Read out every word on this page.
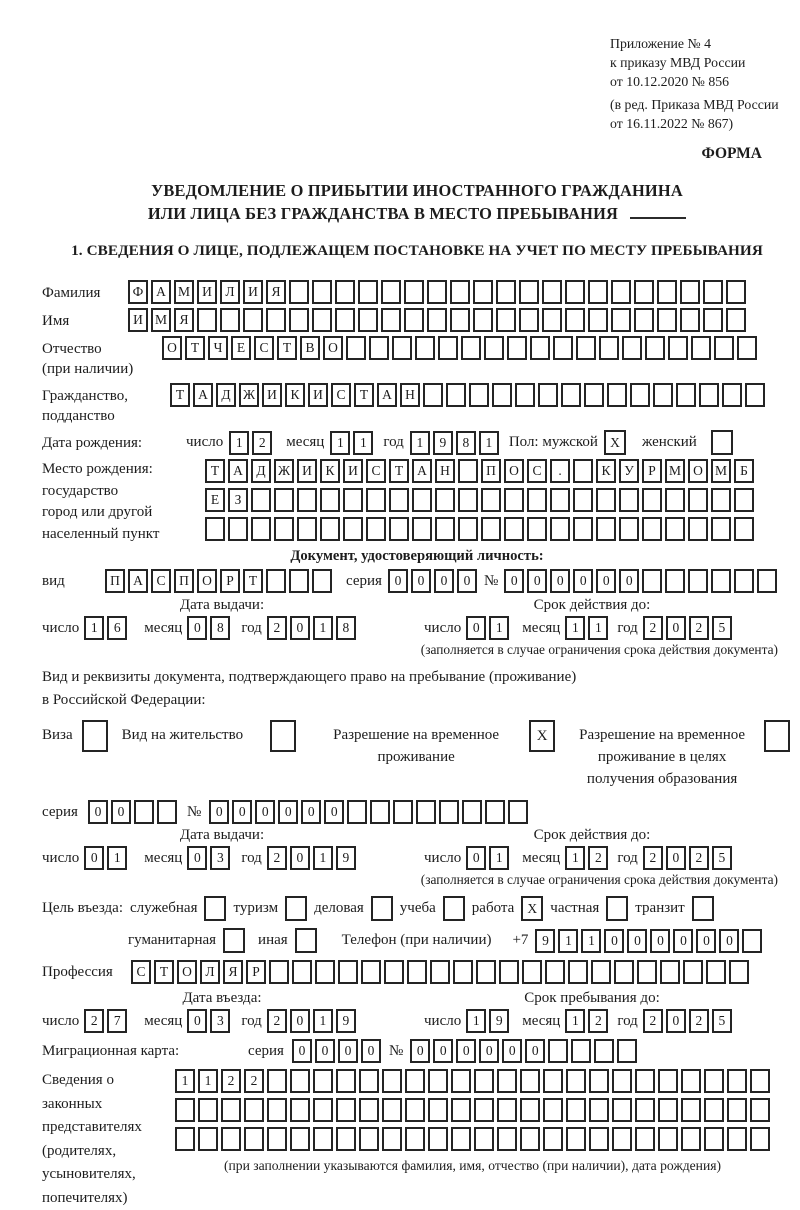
Приложение № 4
к приказу МВД России
от 10.12.2020 № 856
(в ред. Приказа МВД России
от 16.11.2022 № 867)
ФОРМА
УВЕДОМЛЕНИЕ О ПРИБЫТИИ ИНОСТРАННОГО ГРАЖДАНИНА
ИЛИ ЛИЦА БЕЗ ГРАЖДАНСТВА В МЕСТО ПРЕБЫВАНИЯ
1. СВЕДЕНИЯ О ЛИЦЕ, ПОДЛЕЖАЩЕМ ПОСТАНОВКЕ НА УЧЕТ ПО МЕСТУ ПРЕБЫВАНИЯ
Фамилия	Ф А М И	Л	И	Я
Имя	И М Я
Отчество
(при наличии)
О	Т	Ч	Е	С	Т	В	О
Гражданство,
подданство
Т	А	Д Ж И	К	И	С	Т	А Н
Дата рождения:	число 1	2	месяц 1	1	год 1	9	8	1	Пол: мужской X	женский
Место рождения:
государство
город или другой
населенный пункт
Т	А	Д Ж И	К	И	С	Т	А Н	П О	С	.	К	У	Р М О М Б
Е	З
Документ, удостоверяющий личность:
вид	П А	С	П О	Р	Т	серия 0	0	0	0 № 0	0	0	0	0	0
Дата выдачи:	Срок действия до:
число 1	6	месяц 0	8	год 2	0	1	8	число 0	1	месяц 1	1	год 2	0	2	5
(заполняется в случае ограничения срока действия документа)
Вид и реквизиты документа, подтверждающего право на пребывание (проживание)
в Российской Федерации:
Виза	Вид на жительство	Разрешение на временное
проживание
X	Разрешение на временное
проживание в целях
получения образования
серия	0	0	№	0	0	0	0	0	0
Дата выдачи:	Срок действия до:
число 0	1	месяц 0	3	год 2	0	1	9	число 0	1	месяц 1	2	год 2	0	2	5
(заполняется в случае ограничения срока действия документа)
Цель въезда: служебная туризм деловая учеба работа X частная транзит
гуманитарная	иная	Телефон (при наличии) +7	9	1	1	0	0	0	0	0	0
Профессия	С	Т	О	Л	Я	Р
Дата въезда:	Срок пребывания до:
число 2	7	месяц 0	3	год 2	0	1	9	число 1	9	месяц 1	2	год 2	0	2	5
Миграционная карта:	серия	0	0	0	0 №	0	0	0	0	0	0
Сведения о
законных
представителях
(родителях,
усыновителях,
попечителях)
1	1	2	2
(при заполнении указываются фамилия, имя, отчество (при наличии), дата рождения)
